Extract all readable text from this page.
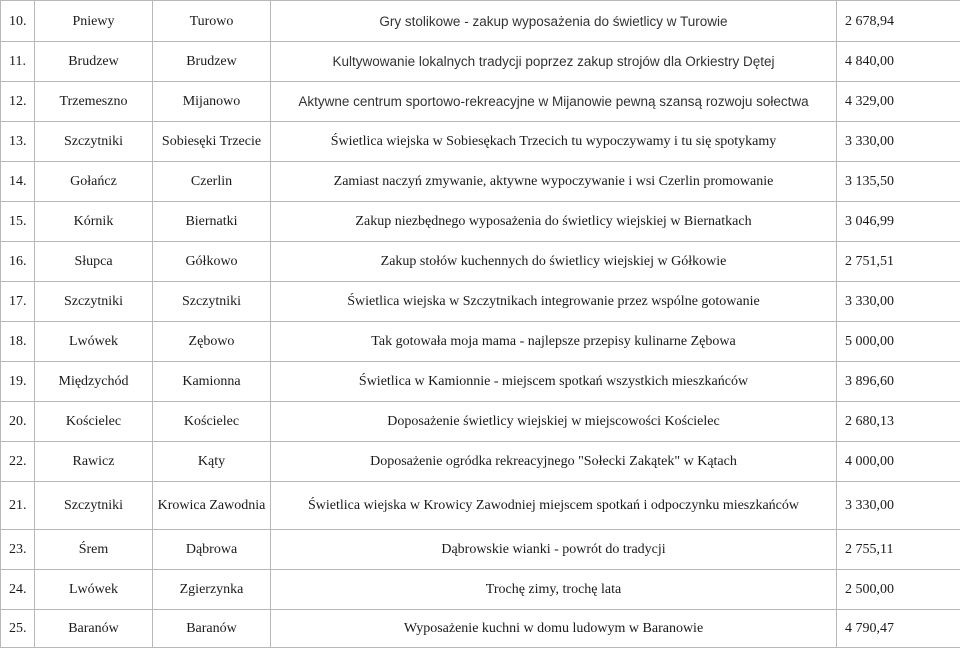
10.	Pniewy	Turowo	Gry stolikowe - zakup wyposażenia do świetlicy w Turowie	2 678,94
11.	Brudzew	Brudzew	Kultywowanie lokalnych tradycji poprzez zakup strojów dla Orkiestry Dętej	4 840,00
12.	Trzemeszno	Mijanowo	Aktywne centrum sportowo-rekreacyjne w Mijanowie pewną szansą rozwoju sołectwa	4 329,00
13.	Szczytniki	Sobiesęki Trzecie	Świetlica wiejska w Sobiesękach Trzecich tu wypoczywamy i tu się spotykamy	3 330,00
14.	Gołańcz	Czerlin	Zamiast naczyń zmywanie, aktywne wypoczywanie i wsi Czerlin promowanie	3 135,50
15.	Kórnik	Biernatki	Zakup niezbędnego wyposażenia do świetlicy wiejskiej w Biernatkach	3 046,99
16.	Słupca	Gółkowo	Zakup stołów kuchennych do świetlicy wiejskiej w Gółkowie	2 751,51
17.	Szczytniki	Szczytniki	Świetlica wiejska w Szczytnikach integrowanie przez wspólne gotowanie	3 330,00
18.	Lwówek	Zębowo	Tak gotowała moja mama - najlepsze przepisy kulinarne Zębowa	5 000,00
19.	Międzychód	Kamionna	Świetlica w Kamionnie - miejscem spotkań wszystkich mieszkańców	3 896,60
20.	Kościelec	Kościelec	Doposażenie świetlicy wiejskiej w miejscowości Kościelec	2 680,13
22.	Rawicz	Kąty	Doposażenie ogródka rekreacyjnego "Sołecki Zakątek" w Kątach	4 000,00
21.	Szczytniki	Krowica Zawodnia	Świetlica wiejska w Krowicy Zawodniej miejscem spotkań i odpoczynku mieszkańców	3 330,00
23.	Śrem	Dąbrowa	Dąbrowskie wianki - powrót do tradycji	2 755,11
24.	Lwówek	Zgierzynka	Trochę zimy, trochę lata	2 500,00
25.	Baranów	Baranów	Wyposażenie kuchni w domu ludowym w Baranowie	4 790,47
